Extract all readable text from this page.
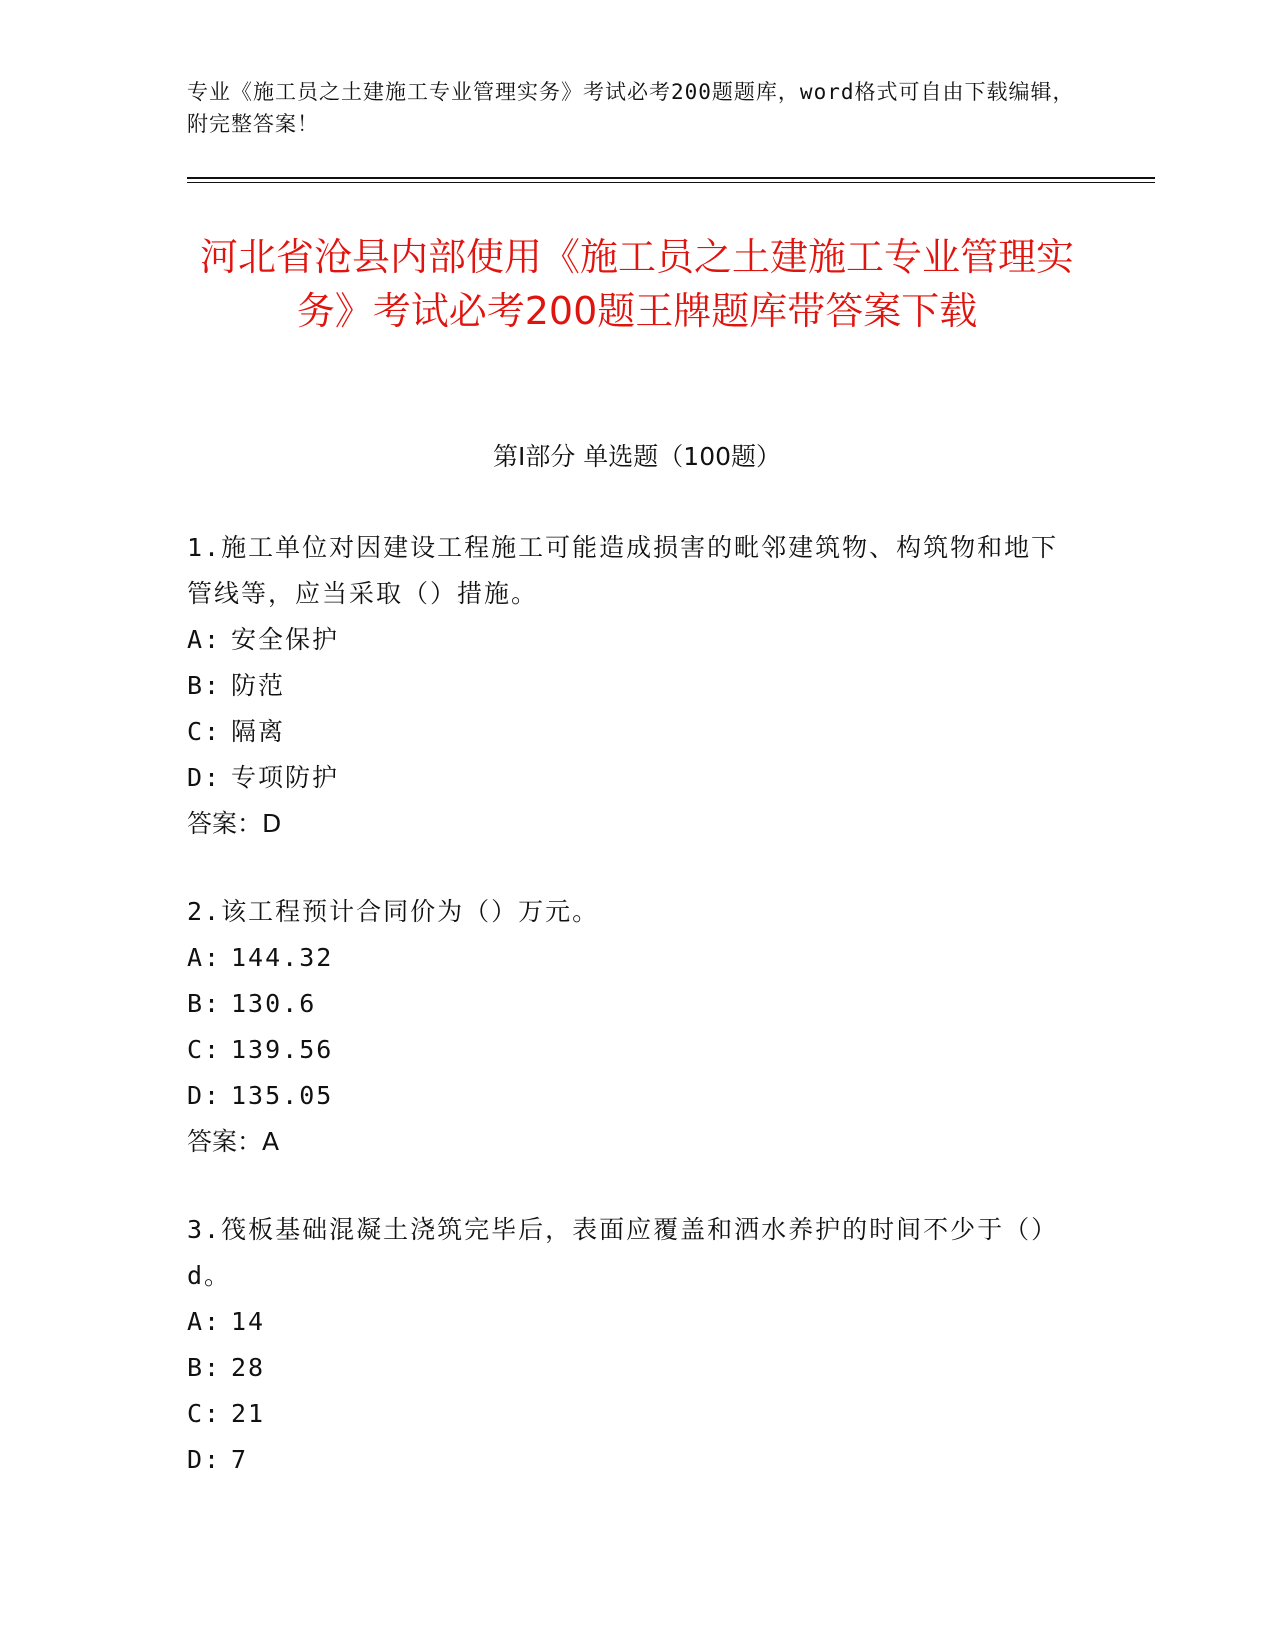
专业《施工员之土建施工专业管理实务》考试必考200题题库，word格式可自由下载编辑，附完整答案！
河北省沧县内部使用《施工员之土建施工专业管理实务》考试必考200题王牌题库带答案下载
第Ⅰ部分 单选题（100题）
1.施工单位对因建设工程施工可能造成损害的毗邻建筑物、构筑物和地下管线等，应当采取（）措施。
A: 安全保护
B: 防范
C: 隔离
D: 专项防护
答案：D
2.该工程预计合同价为（）万元。
A: 144.32
B: 130.6
C: 139.56
D: 135.05
答案：A
3.筏板基础混凝土浇筑完毕后，表面应覆盖和洒水养护的时间不少于（）d。
A: 14
B: 28
C: 21
D: 7
